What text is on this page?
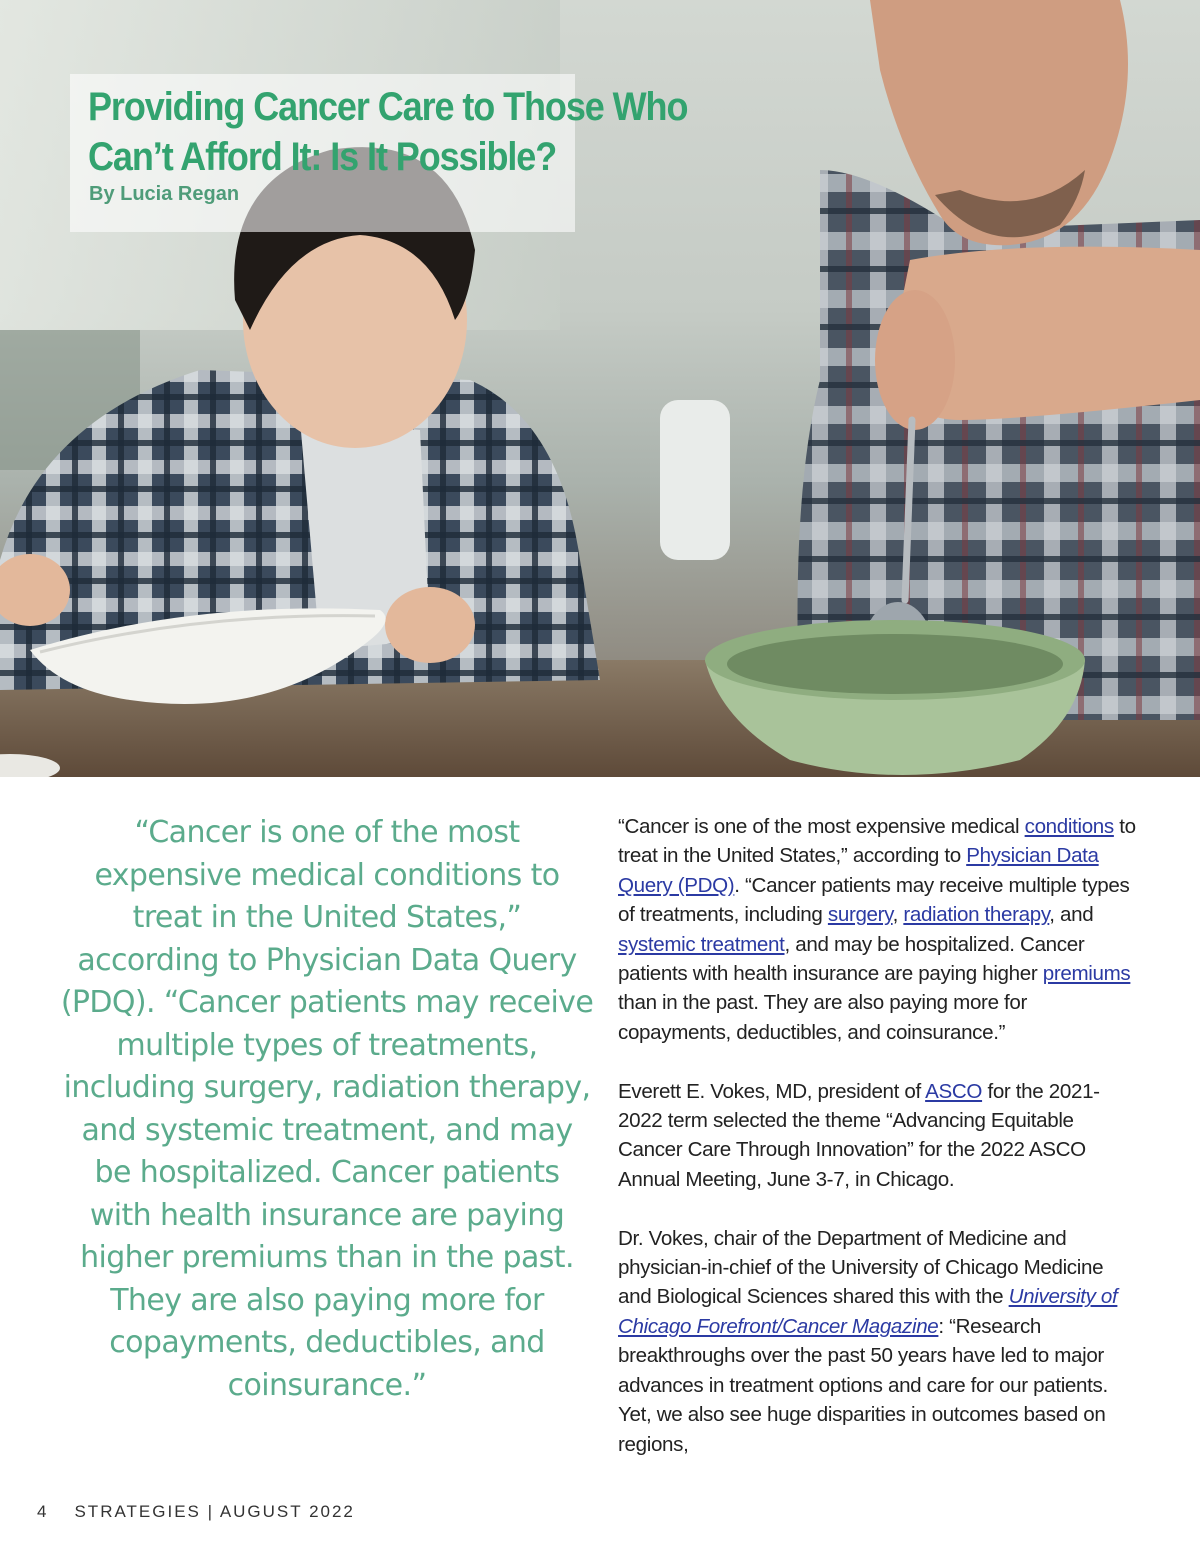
Providing Cancer Care to Those Who Can’t Afford It: Is It Possible?

By Lucia Regan

“Cancer is one of the most expensive medical conditions to treat in the United States,” according to Physician Data Query (PDQ). “Cancer patients may receive multiple types of treatments, including surgery, radiation therapy, and systemic treatment, and may be hospitalized. Cancer patients with health insurance are paying higher premiums than in the past. They are also paying more for copayments, deductibles, and coinsurance.”

“Cancer is one of the most expensive medical conditions to treat in the United States,” according to Physician Data Query (PDQ). “Cancer patients may receive multiple types of treatments, including surgery, radiation therapy, and systemic treatment, and may be hospitalized. Cancer patients with health insurance are paying higher premiums than in the past. They are also paying more for copayments, deductibles, and coinsurance.”

Everett E. Vokes, MD, president of ASCO for the 2021-2022 term selected the theme “Advancing Equitable Cancer Care Through Innovation” for the 2022 ASCO Annual Meeting, June 3-7, in Chicago.

Dr. Vokes, chair of the Department of Medicine and physician-in-chief of the University of Chicago Medicine and Biological Sciences shared this with the University of Chicago Forefront/Cancer Magazine: “Research breakthroughs over the past 50 years have led to major advances in treatment options and care for our patients. Yet, we also see huge disparities in outcomes based on regions,

4 STRATEGIES | AUGUST 2022
